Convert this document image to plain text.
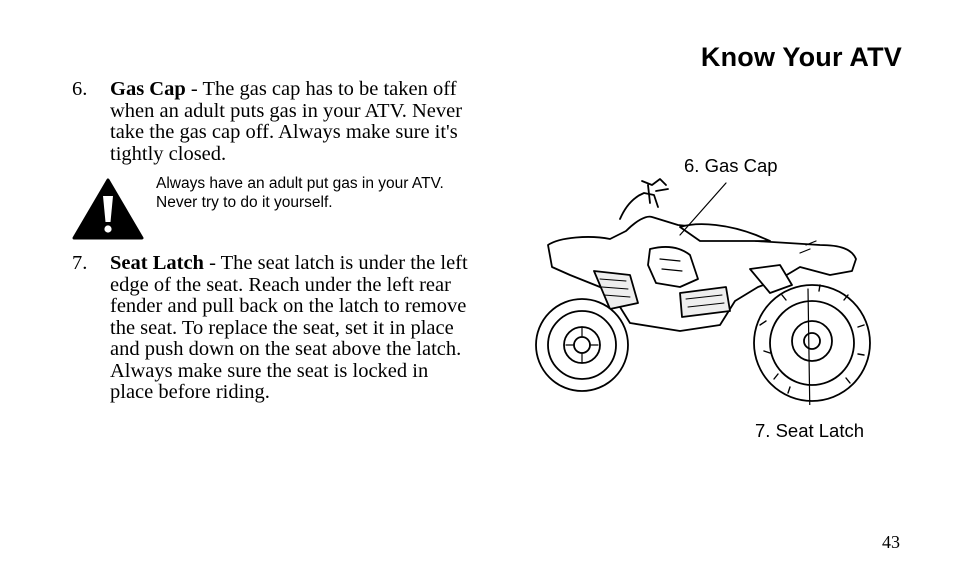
Know Your ATV
6. Gas Cap - The gas cap has to be taken off when an adult puts gas in your ATV. Never take the gas cap off. Always make sure it's tightly closed.
Always have an adult put gas in your ATV. Never try to do it yourself.
7. Seat Latch - The seat latch is under the left edge of the seat. Reach under the left rear fender and pull back on the latch to remove the seat. To replace the seat, set it in place and push down on the seat above the latch. Always make sure the seat is locked in place before riding.
6. Gas Cap
7. Seat Latch
43
